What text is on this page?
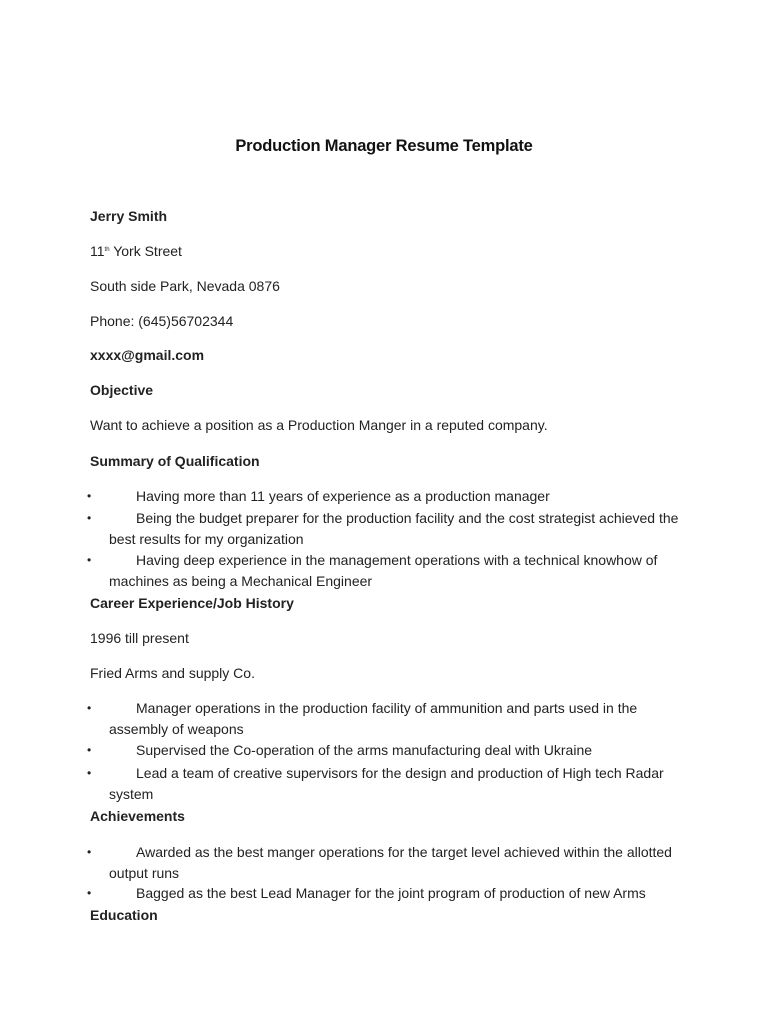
Production Manager Resume Template
Jerry Smith
11th York Street
South side Park, Nevada 0876
Phone: (645)56702344
xxxx@gmail.com
Objective
Want to achieve a position as a Production Manger in a reputed company.
Summary of Qualification
•	Having more than 11 years of experience as a production manager
•	Being the budget preparer for the production facility and the cost strategist achieved the best results for my organization
•	Having deep experience in the management operations with a technical knowhow of machines as being a Mechanical Engineer
Career Experience/Job History
1996 till present
Fried Arms and supply Co.
•	Manager operations in the production facility of ammunition and parts used in the assembly of weapons
•	Supervised the Co-operation of the arms manufacturing deal with Ukraine
•	Lead a team of creative supervisors for the design and production of High tech Radar system
Achievements
•	Awarded as the best manger operations for the target level achieved within the allotted output runs
•	Bagged as the best Lead Manager for the joint program of production of new Arms
Education
